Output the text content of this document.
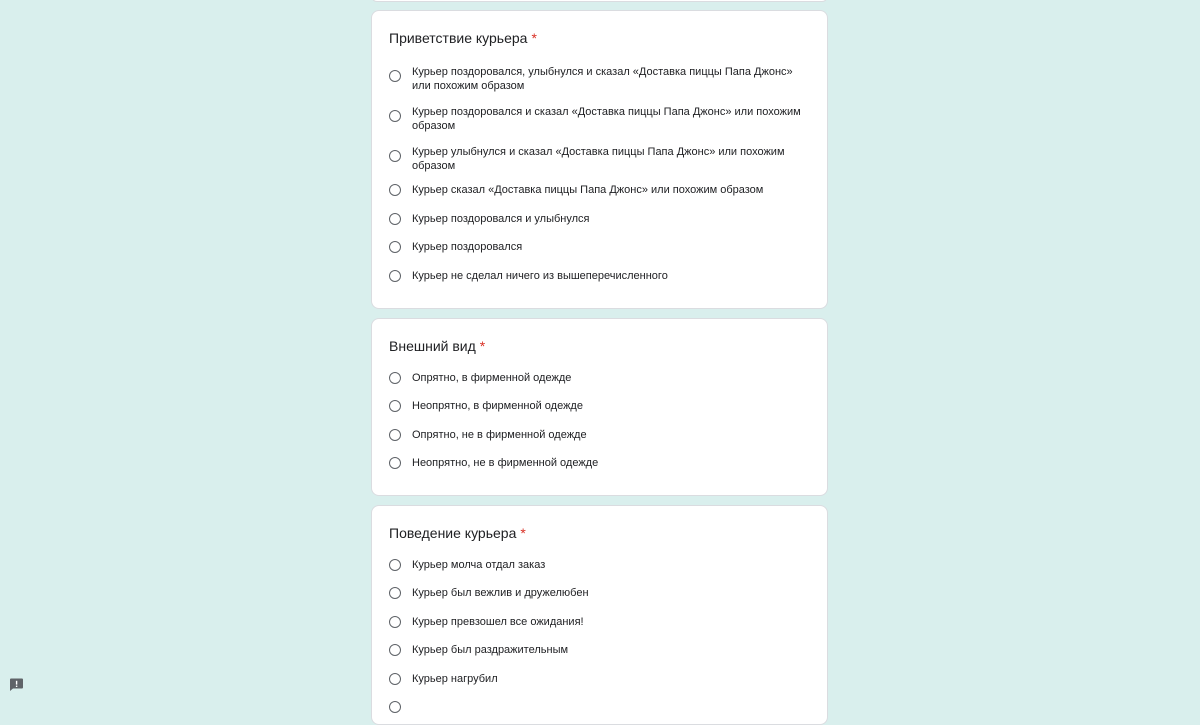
Приветствие курьера *
Курьер поздоровался, улыбнулся и сказал «Доставка пиццы Папа Джонс» или похожим образом
Курьер поздоровался и сказал «Доставка пиццы Папа Джонс» или похожим образом
Курьер улыбнулся и сказал «Доставка пиццы Папа Джонс» или похожим образом
Курьер сказал «Доставка пиццы Папа Джонс» или похожим образом
Курьер поздоровался и улыбнулся
Курьер поздоровался
Курьер не сделал ничего из вышеперечисленного
Внешний вид *
Опрятно, в фирменной одежде
Неопрятно, в фирменной одежде
Опрятно, не в фирменной одежде
Неопрятно, не в фирменной одежде
Поведение курьера *
Курьер молча отдал заказ
Курьер был вежлив и дружелюбен
Курьер превзошел все ожидания!
Курьер был раздражительным
Курьер нагрубил
